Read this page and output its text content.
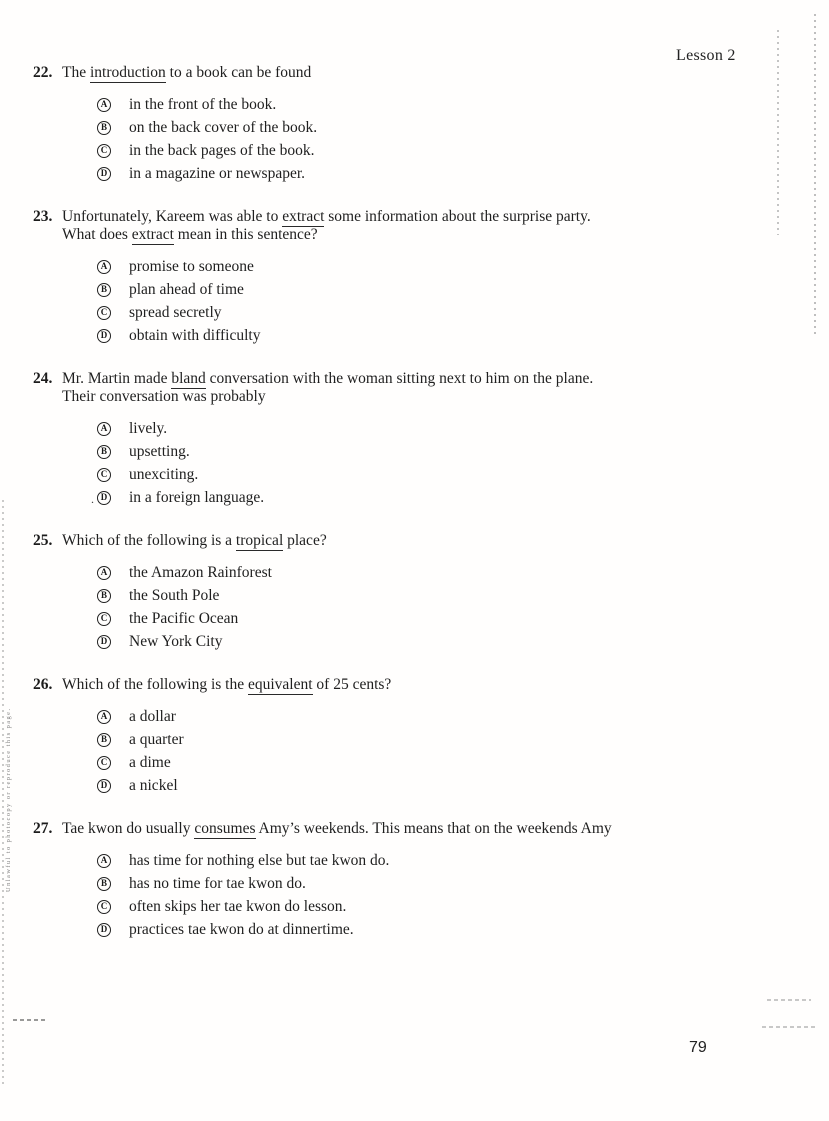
Unlawful to photocopy or reproduce this page.
Lesson 2
22. The introduction to a book can be found
A in the front of the book.
B on the back cover of the book.
C in the back pages of the book.
D in a magazine or newspaper.
23. Unfortunately, Kareem was able to extract some information about the surprise party.
What does extract mean in this sentence?
A promise to someone
B plan ahead of time
C spread secretly
D obtain with difficulty
24. Mr. Martin made bland conversation with the woman sitting next to him on the plane.
Their conversation was probably
A lively.
B upsetting.
C unexciting.
. D in a foreign language.
25. Which of the following is a tropical place?
A the Amazon Rainforest
B the South Pole
C the Pacific Ocean
D New York City
26. Which of the following is the equivalent of 25 cents?
A a dollar
B a quarter
C a dime
D a nickel
27. Tae kwon do usually consumes Amy’s weekends. This means that on the weekends Amy
A has time for nothing else but tae kwon do.
B has no time for tae kwon do.
C often skips her tae kwon do lesson.
D practices tae kwon do at dinnertime.
79
